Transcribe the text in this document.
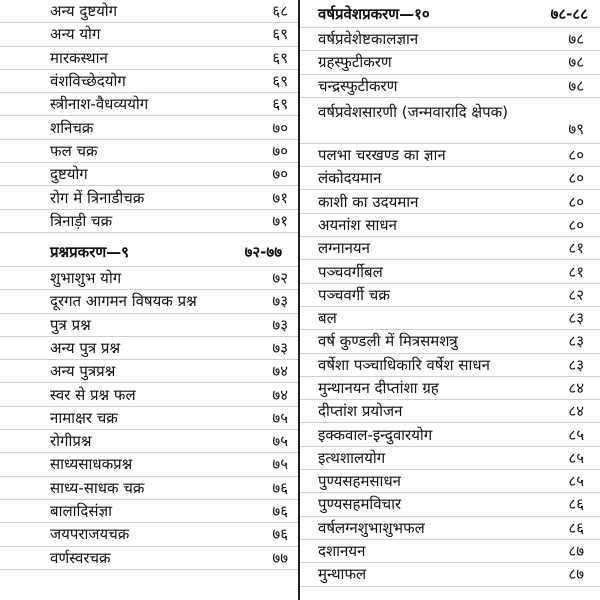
अन्य दुष्टयोग	६८
अन्य योग	६९
मारकस्थान	६९
वंशविच्छेदयोग	६९
स्त्रीनाश-वैधव्ययोग	६९
शनिचक्र	७०
फल चक्र	७०
दुष्टयोग	७०
रोग में त्रिनाडीचक्र	७१
त्रिनाड़ी चक्र	७१
प्रश्नप्रकरण—९	७२-७७
शुभाशुभ योग	७२
दूरगत आगमन विषयक प्रश्न	७३
पुत्र प्रश्न	७३
अन्य पुत्र प्रश्न	७३
अन्य पुत्रप्रश्न	७४
स्वर से प्रश्न फल	७४
नामाक्षर चक्र	७५
रोगीप्रश्न	७५
साध्यसाधकप्रश्न	७५
साध्य-साधक चक्र	७६
बालादिसंज्ञा	७६
जयपराजयचक्र	७६
वर्णस्वरचक्र	७७
वर्षप्रवेशप्रकरण—१०	७८-८८
वर्षप्रवेशेष्टकालज्ञान	७८
ग्रहस्फुटीकरण	७८
चन्द्रस्फुटीकरण	७८
वर्षप्रवेशसारणी (जन्मवारादि क्षेपक)
७९
पलभा चरखण्ड का ज्ञान	८०
लंकोदयमान	८०
काशी का उदयमान	८०
अयनांश साधन	८०
लग्नानयन	८१
पञ्चवर्गीबल	८१
पञ्चवर्गी चक्र	८२
बल	८३
वर्ष कुण्डली में मित्रसमशत्रु	८३
वर्षेशा पञ्चाधिकारि वर्षेश साधन	८३
मुन्थानयन दीप्तांशा ग्रह	८४
दीप्तांश प्रयोजन	८४
इक्कवाल-इन्दुवारयोग	८५
इत्थशालयोग	८५
पुण्यसहमसाधन	८५
पुण्यसहमविचार	८६
वर्षलग्नशुभाशुभफल	८६
दशानयन	८७
मुन्थाफल	८७
